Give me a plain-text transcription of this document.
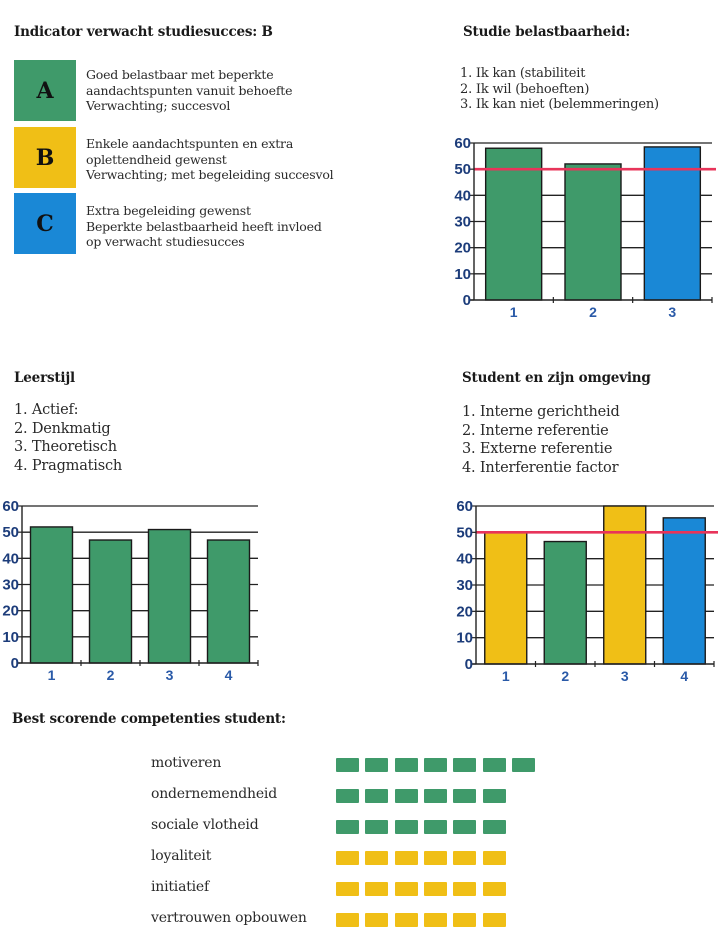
Indicator verwacht studiesucces: B
A
Goed belastbaar met beperkte
aandachtspunten vanuit behoefte
Verwachting; succesvol
B
Enkele aandachtspunten en extra
oplettendheid gewenst
Verwachting; met begeleiding succesvol
C	Extra begeleiding gewenst
Beperkte belastbaarheid heeft invloed
op verwacht studiesucces
Studie belastbaarheid:
1. Ik kan (stabiliteit
2. Ik wil (behoeften)
3. Ik kan niet (belemmeringen)
0
10
20
30
40
50
60
1	2	3
Leerstijl
1. Actief:
2. Denkmatig
3. Theoretisch
4. Pragmatisch
0
10
20
30
40
50
60
1	2	3	4
Student en zijn omgeving
1. Interne gerichtheid
2. Interne referentie
3. Externe referentie
4. Interferentie factor
0
10
20
30
40
50
60
1	2	3	4
Best scorende competenties student:
motiveren
ondernemendheid
sociale vlotheid
loyaliteit
initiatief
vertrouwen opbouwen
